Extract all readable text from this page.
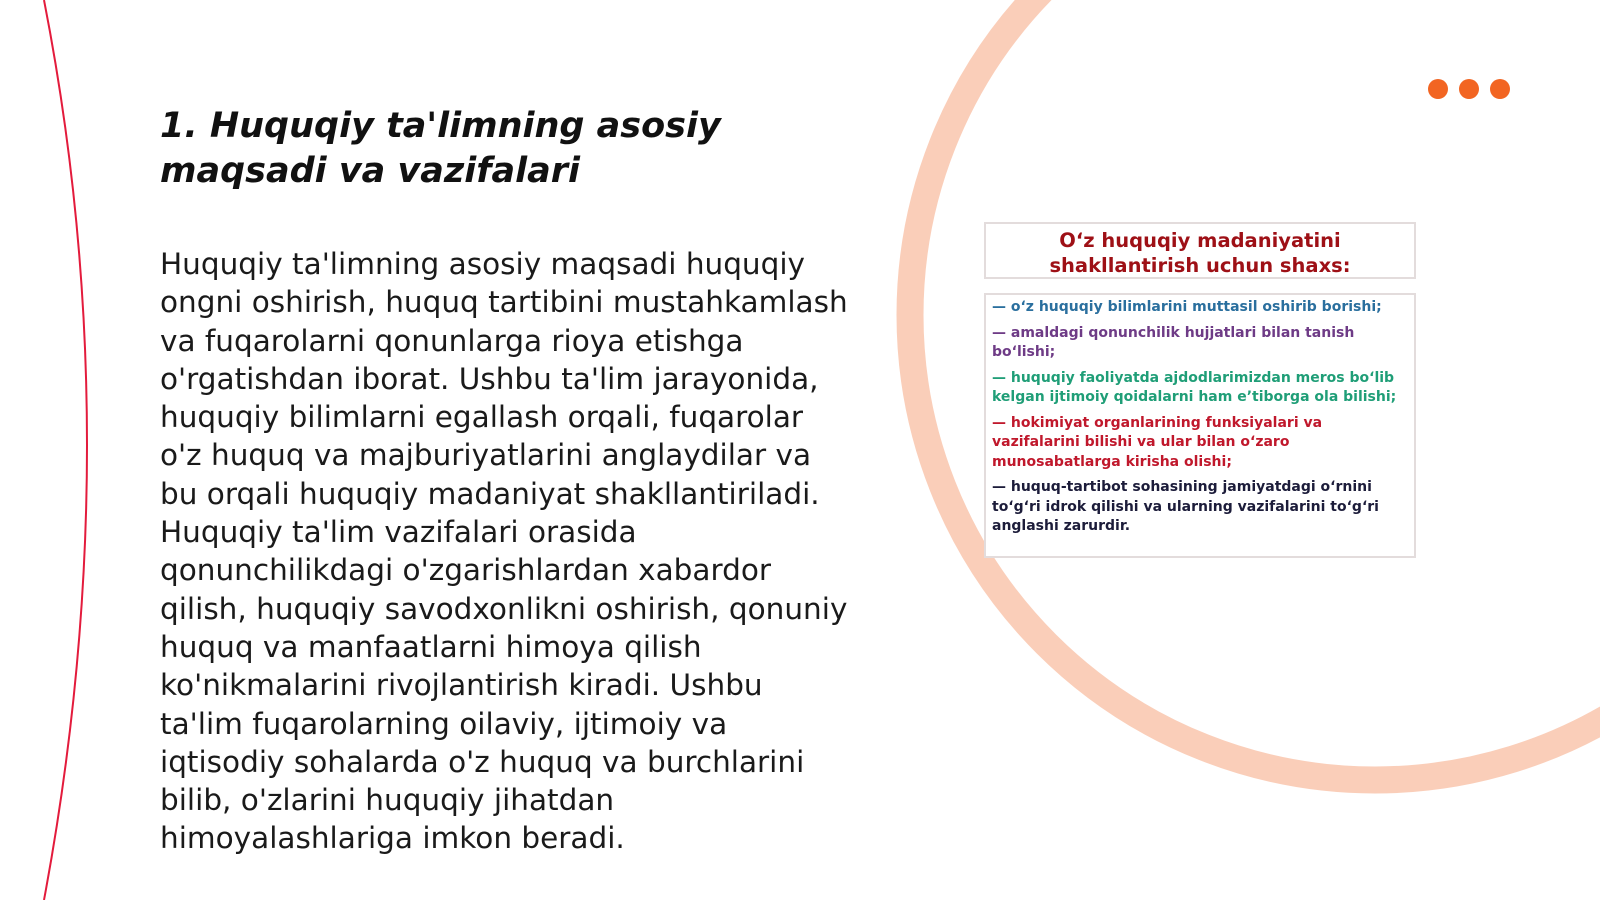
1. Huquqiy ta'limning asosiy maqsadi va vazifalari

Huquqiy ta'limning asosiy maqsadi huquqiy ongni oshirish, huquq tartibini mustahkamlash va fuqarolarni qonunlarga rioya etishga o'rgatishdan iborat. Ushbu ta'lim jarayonida, huquqiy bilimlarni egallash orqali, fuqarolar o'z huquq va majburiyatlarini anglaydilar va bu orqali huquqiy madaniyat shakllantiriladi. Huquqiy ta'lim vazifalari orasida qonunchilikdagi o'zgarishlardan xabardor qilish, huquqiy savodxonlikni oshirish, qonuniy huquq va manfaatlarni himoya qilish ko'nikmalarini rivojlantirish kiradi. Ushbu ta'lim fuqarolarning oilaviy, ijtimoiy va iqtisodiy sohalarda o'z huquq va burchlarini bilib, o'zlarini huquqiy jihatdan himoyalashlariga imkon beradi.

O‘z huquqiy madaniyatini shakllantirish uchun shaxs:
— o‘z huquqiy bilimlarini muttasil oshirib borishi;
— amaldagi qonunchilik hujjatlari bilan tanish bo‘lishi;
— huquqiy faoliyatda ajdodlarimizdan meros bo‘lib kelgan ijtimoiy qoidalarni ham e’tiborga ola bilishi;
— hokimiyat organlarining funksiyalari va vazifalarini bilishi va ular bilan o‘zaro munosabatlarga kirisha olishi;
— huquq-tartibot sohasining jamiyatdagi o‘rnini to‘g‘ri idrok qilishi va ularning vazifalarini to‘g‘ri anglashi zarurdir.
